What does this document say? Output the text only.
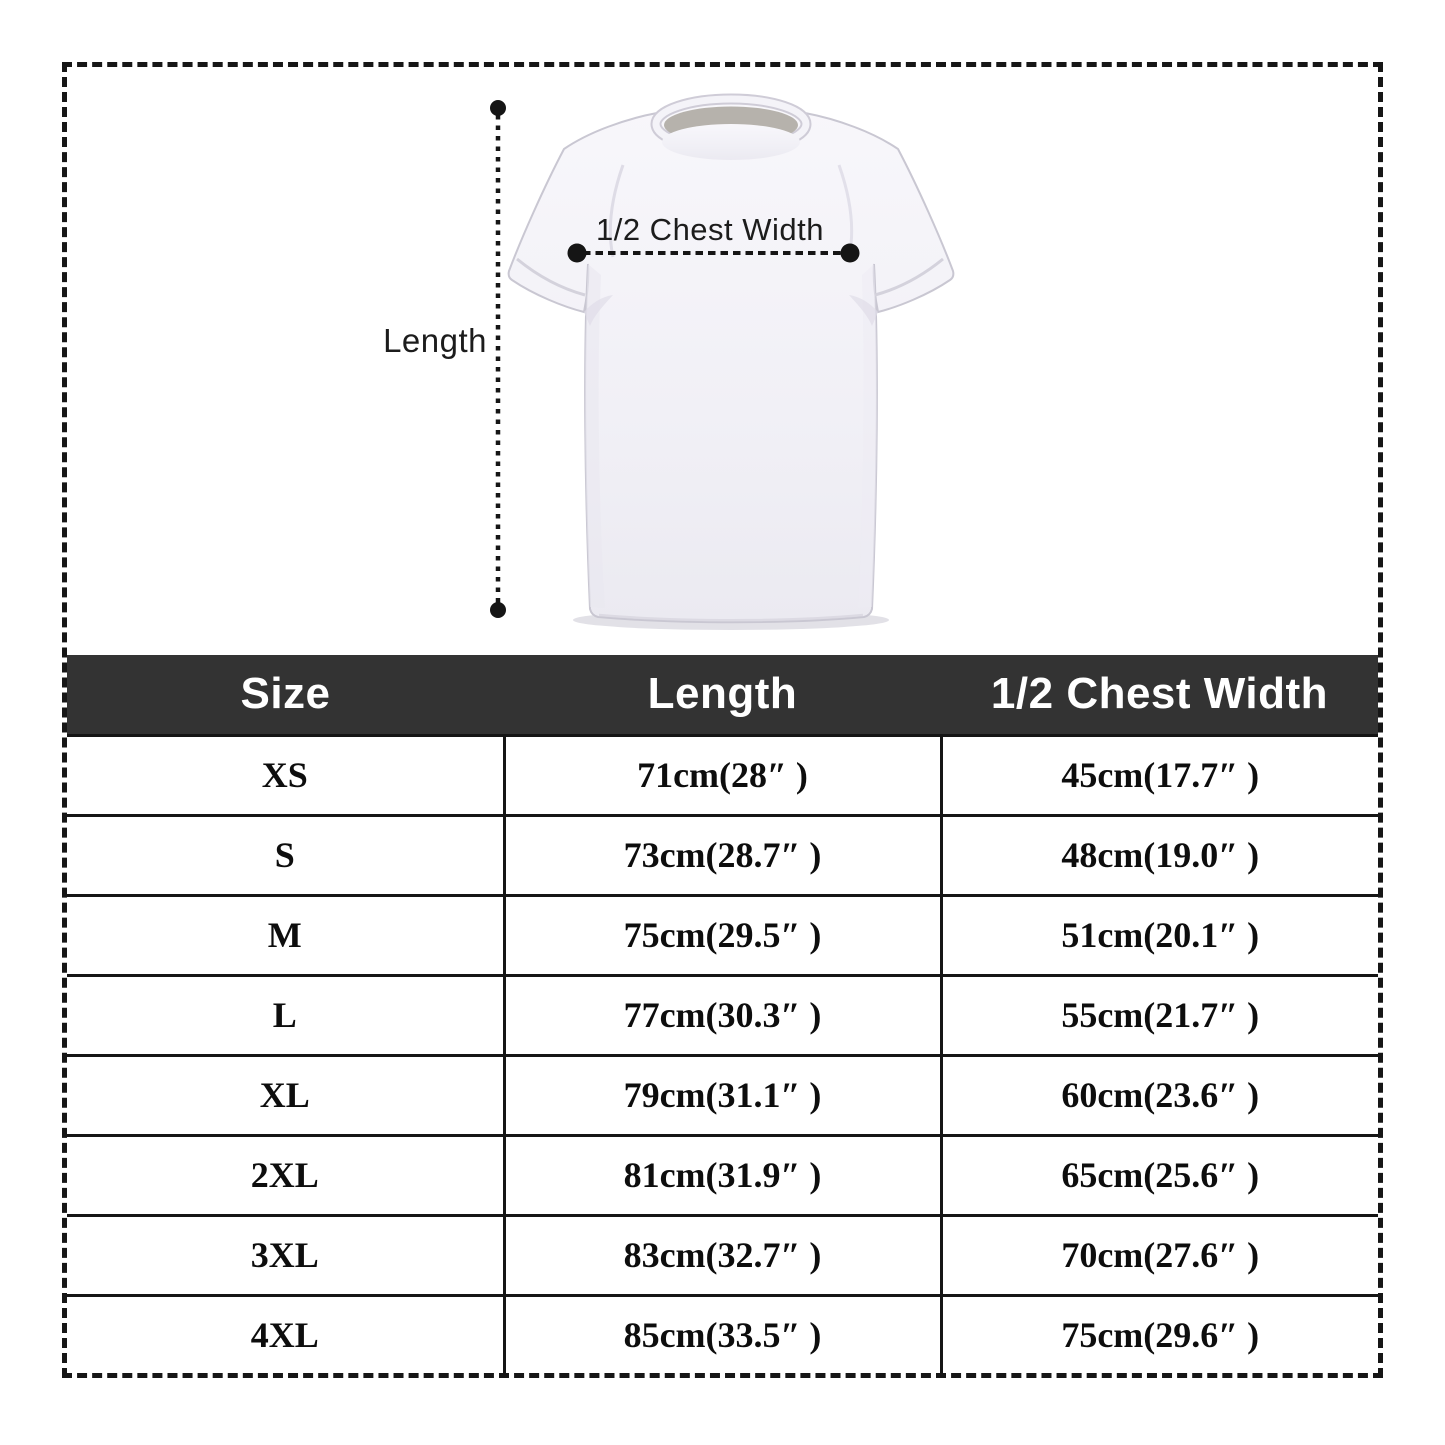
Length
1/2 Chest Width
Size	Length	1/2 Chest Width
XS	71cm(28″ )	45cm(17.7″ )
S	73cm(28.7″ )	48cm(19.0″ )
M	75cm(29.5″ )	51cm(20.1″ )
L	77cm(30.3″ )	55cm(21.7″ )
XL	79cm(31.1″ )	60cm(23.6″ )
2XL	81cm(31.9″ )	65cm(25.6″ )
3XL	83cm(32.7″ )	70cm(27.6″ )
4XL	85cm(33.5″ )	75cm(29.6″ )
